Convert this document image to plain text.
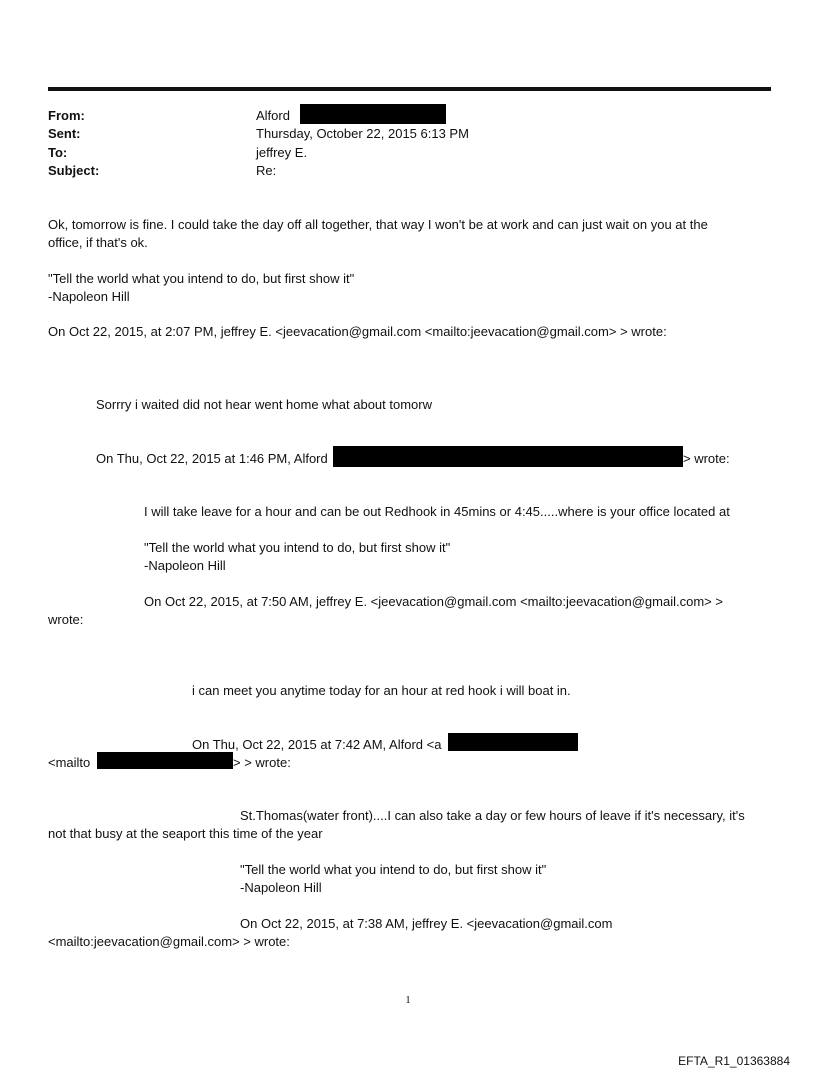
From:	Alford
Sent:	Thursday, October 22, 2015 6:13 PM
To:	jeffrey E.
Subject:	Re:
Ok, tomorrow is fine. I could take the day off all together, that way I won't be at work and can just wait on you at the
office, if that's ok.
"Tell the world what you intend to do, but first show it"
-Napoleon Hill
On Oct 22, 2015, at 2:07 PM, jeffrey E. <jeevacation@gmail.com <mailto:jeevacation@gmail.com> > wrote:
Sorrry i waited did not hear went home what about tomorw
On Thu, Oct 22, 2015 at 1:46 PM, Alford	> wrote:
I will take leave for a hour and can be out Redhook in 45mins or 4:45.....where is your office located at
"Tell the world what you intend to do, but first show it"
-Napoleon Hill
On Oct 22, 2015, at 7:50 AM, jeffrey E. <jeevacation@gmail.com <mailto:jeevacation@gmail.com> >
wrote:
i can meet you anytime today for an hour at red hook i will boat in.
On Thu, Oct 22, 2015 at 7:42 AM, Alford <a
<mailto	> > wrote:
St.Thomas(water front)....I can also take a day or few hours of leave if it's necessary, it's
not that busy at the seaport this time of the year
"Tell the world what you intend to do, but first show it"
-Napoleon Hill
On Oct 22, 2015, at 7:38 AM, jeffrey E. <jeevacation@gmail.com
<mailto:jeevacation@gmail.com> > wrote:
1
EFTA_R1_01363884
